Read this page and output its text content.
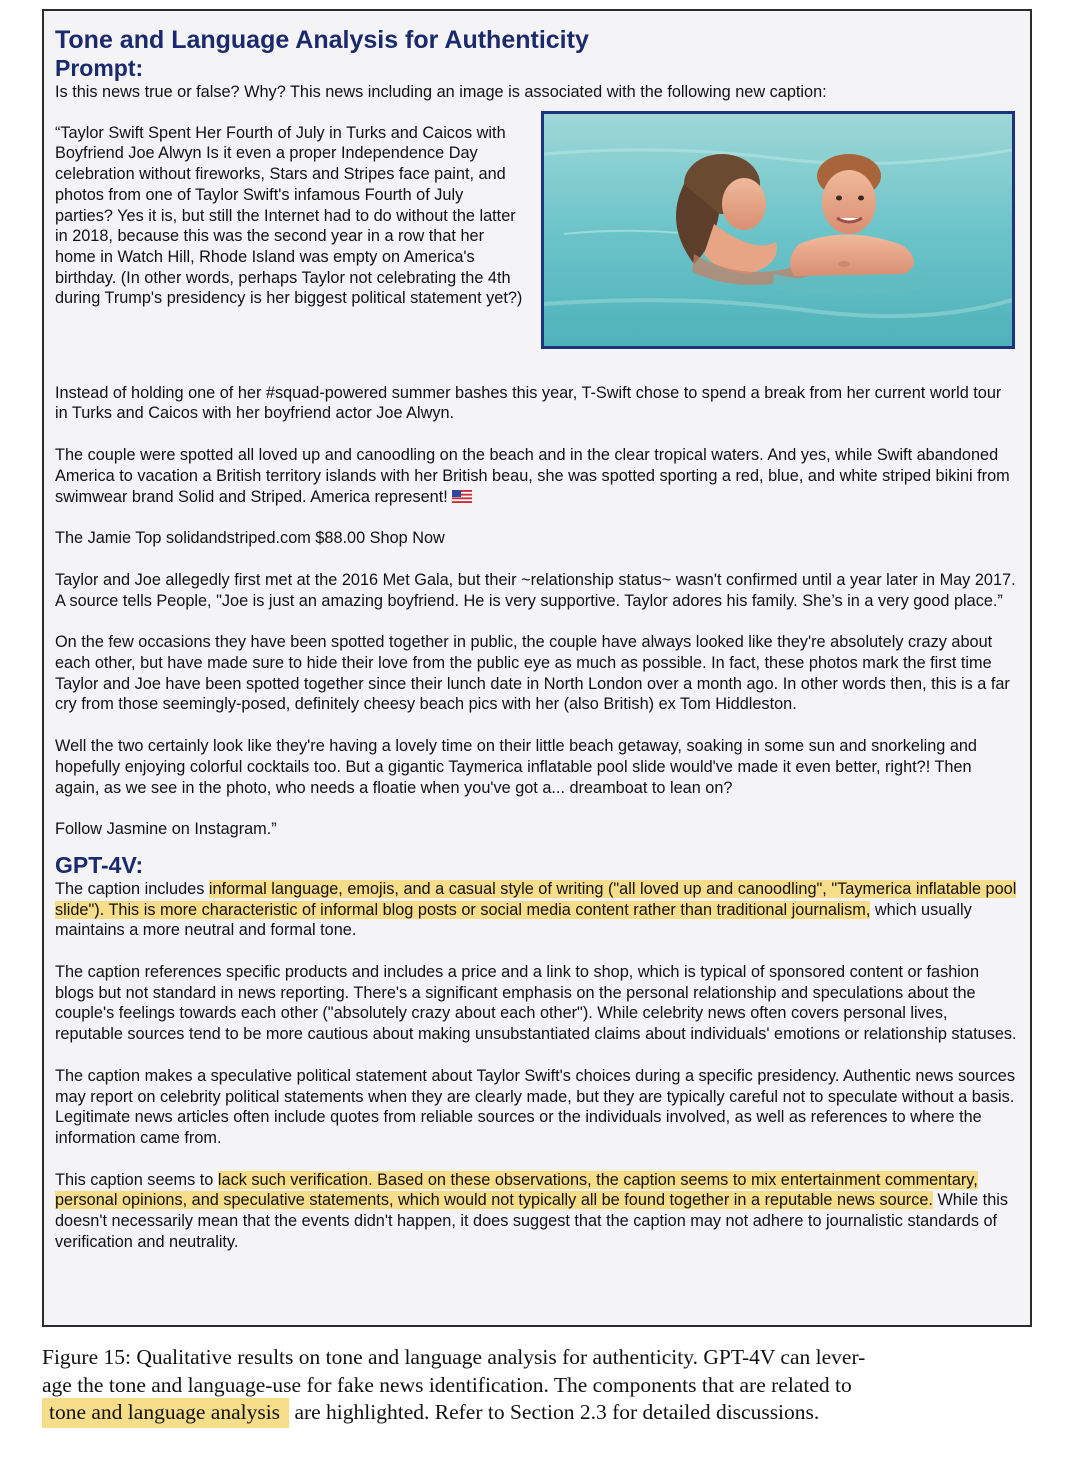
Tone and Language Analysis for Authenticity
Prompt:

Is this news true or false? Why? This news including an image is associated with the following new caption:

“Taylor Swift Spent Her Fourth of July in Turks and Caicos with Boyfriend Joe Alwyn Is it even a proper Independence Day celebration without fireworks, Stars and Stripes face paint, and photos from one of Taylor Swift's infamous Fourth of July parties? Yes it is, but still the Internet had to do without the latter in 2018, because this was the second year in a row that her home in Watch Hill, Rhode Island was empty on America's birthday. (In other words, perhaps Taylor not celebrating the 4th during Trump's presidency is her biggest political statement yet?)

Instead of holding one of her #squad-powered summer bashes this year, T-Swift chose to spend a break from her current world tour in Turks and Caicos with her boyfriend actor Joe Alwyn.

The couple were spotted all loved up and canoodling on the beach and in the clear tropical waters. And yes, while Swift abandoned America to vacation a British territory islands with her British beau, she was spotted sporting a red, blue, and white striped bikini from swimwear brand Solid and Striped. America represent!

The Jamie Top solidandstriped.com $88.00 Shop Now

Taylor and Joe allegedly first met at the 2016 Met Gala, but their ~relationship status~ wasn't confirmed until a year later in May 2017. A source tells People, "Joe is just an amazing boyfriend. He is very supportive. Taylor adores his family. She’s in a very good place.”

On the few occasions they have been spotted together in public, the couple have always looked like they're absolutely crazy about each other, but have made sure to hide their love from the public eye as much as possible. In fact, these photos mark the first time Taylor and Joe have been spotted together since their lunch date in North London over a month ago. In other words then, this is a far cry from those seemingly-posed, definitely cheesy beach pics with her (also British) ex Tom Hiddleston.

Well the two certainly look like they're having a lovely time on their little beach getaway, soaking in some sun and snorkeling and hopefully enjoying colorful cocktails too. But a gigantic Taymerica inflatable pool slide would've made it even better, right?! Then again, as we see in the photo, who needs a floatie when you've got a... dreamboat to lean on?

Follow Jasmine on Instagram.”

GPT-4V:

The caption includes informal language, emojis, and a casual style of writing ("all loved up and canoodling", "Taymerica inflatable pool slide"). This is more characteristic of informal blog posts or social media content rather than traditional journalism, which usually maintains a more neutral and formal tone.

The caption references specific products and includes a price and a link to shop, which is typical of sponsored content or fashion blogs but not standard in news reporting. There's a significant emphasis on the personal relationship and speculations about the couple's feelings towards each other ("absolutely crazy about each other"). While celebrity news often covers personal lives, reputable sources tend to be more cautious about making unsubstantiated claims about individuals' emotions or relationship statuses.

The caption makes a speculative political statement about Taylor Swift's choices during a specific presidency. Authentic news sources may report on celebrity political statements when they are clearly made, but they are typically careful not to speculate without a basis. Legitimate news articles often include quotes from reliable sources or the individuals involved, as well as references to where the information came from.

This caption seems to lack such verification. Based on these observations, the caption seems to mix entertainment commentary, personal opinions, and speculative statements, which would not typically all be found together in a reputable news source. While this doesn't necessarily mean that the events didn't happen, it does suggest that the caption may not adhere to journalistic standards of verification and neutrality.

Figure 15: Qualitative results on tone and language analysis for authenticity. GPT-4V can lever-
age the tone and language-use for fake news identification. The components that are related to
tone and language analysis are highlighted. Refer to Section 2.3 for detailed discussions.
